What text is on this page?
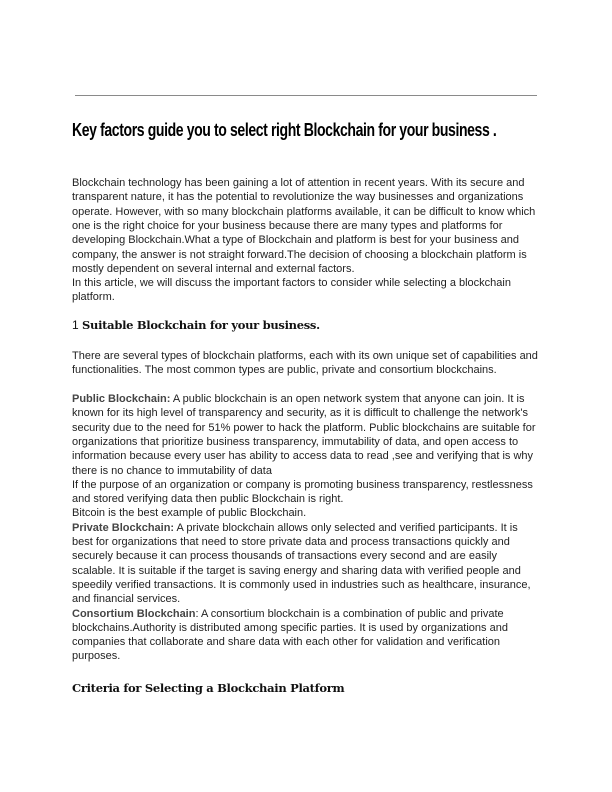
Key factors guide you to select right Blockchain for your business .
Blockchain technology has been gaining a lot of attention in recent years. With its secure and
transparent nature, it has the potential to revolutionize the way businesses and organizations
operate. However, with so many blockchain platforms available, it can be difficult to know which
one is the right choice for your business because there are many types and platforms for
developing Blockchain.What a type of Blockchain and platform is best for your business and
company, the answer is not straight forward.The decision of choosing a blockchain platform is
mostly dependent on several internal and external factors.
In this article, we will discuss the important factors to consider while selecting a blockchain
platform.
1 Suitable Blockchain for your business.
There are several types of blockchain platforms, each with its own unique set of capabilities and
functionalities. The most common types are public, private and consortium blockchains.
Public Blockchain: A public blockchain is an open network system that anyone can join. It is
known for its high level of transparency and security, as it is difficult to challenge the network's
security due to the need for 51% power to hack the platform. Public blockchains are suitable for
organizations that prioritize business transparency, immutability of data, and open access to
information because every user has ability to access data to read ,see and verifying that is why
there is no chance to immutability of data
If the purpose of an organization or company is promoting business transparency, restlessness
and stored verifying data then public Blockchain is right.
Bitcoin is the best example of public Blockchain.
Private Blockchain: A private blockchain allows only selected and verified participants. It is
best for organizations that need to store private data and process transactions quickly and
securely because it can process thousands of transactions every second and are easily
scalable. It is suitable if the target is saving energy and sharing data with verified people and
speedily verified transactions. It is commonly used in industries such as healthcare, insurance,
and financial services.
Consortium Blockchain: A consortium blockchain is a combination of public and private
blockchains.Authority is distributed among specific parties. It is used by organizations and
companies that collaborate and share data with each other for validation and verification
purposes.
Criteria for Selecting a Blockchain Platform
